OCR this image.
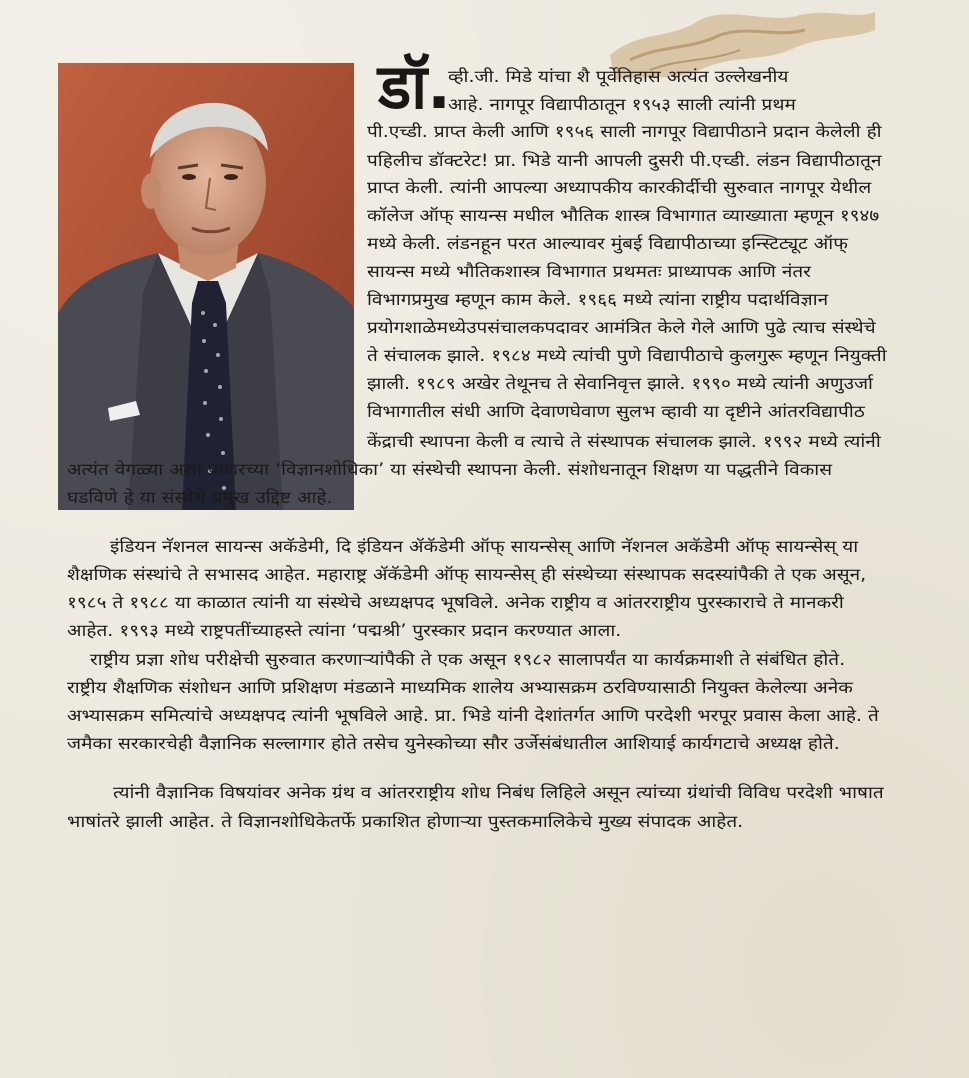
डॉ.
व्ही.जी. मिडे यांचा शै पूर्वेतिहास अत्यंत उल्लेखनीय
आहे. नागपूर विद्यापीठातून १९५३ साली त्यांनी प्रथम
पी.एच्डी. प्राप्त केली आणि १९५६ साली नागपूर विद्यापीठाने प्रदान केलेली ही
पहिलीच डॉक्टरेट! प्रा. भिडे यानी आपली दुसरी पी.एच्डी. लंडन विद्यापीठातून
प्राप्त केली. त्यांनी आपल्या अध्यापकीय कारकीर्दीची सुरुवात नागपूर येथील
कॉलेज ऑफ् सायन्स मधील भौतिक शास्त्र विभागात व्याख्याता म्हणून १९४७
मध्ये केली. लंडनहून परत आल्यावर मुंबई विद्यापीठाच्या इन्स्टिट्यूट ऑफ्
सायन्स मध्ये भौतिकशास्त्र विभागात प्रथमतः प्राध्यापक आणि नंतर
विभागप्रमुख म्हणून काम केले. १९६६ मध्ये त्यांना राष्ट्रीय पदार्थविज्ञान
प्रयोगशाळेमध्येउपसंचालकपदावर आमंत्रित केले गेले आणि पुढे त्याच संस्थेचे
ते संचालक झाले. १९८४ मध्ये त्यांची पुणे विद्यापीठाचे कुलगुरू म्हणून नियुक्ती
झाली. १९८९ अखेर तेथूनच ते सेवानिवृत्त झाले. १९९० मध्ये त्यांनी अणुउर्जा
विभागातील संधी आणि देवाणघेवाण सुलभ व्हावी या दृष्टीने आंतरविद्यापीठ
केंद्राची स्थापना केली व त्याचे ते संस्थापक संचालक झाले. १९९२ मध्ये त्यांनी
अत्यंत वेगळ्या अशा प्रकारच्या ‘विज्ञानशोधिका’ या संस्थेची स्थापना केली. संशोधनातून शिक्षण या पद्धतीने विकास
घडविणे हे या संस्थेचे प्रमुख उद्दिष्ट आहे.
इंडियन नॅशनल सायन्स अकॅडेमी, दि इंडियन ॲकॅडेमी ऑफ् सायन्सेस् आणि नॅशनल अकॅडेमी ऑफ् सायन्सेस् या
शैक्षणिक संस्थांचे ते सभासद आहेत. महाराष्ट्र ॲकॅडेमी ऑफ् सायन्सेस् ही संस्थेच्या संस्थापक सदस्यांपैकी ते एक असून,
१९८५ ते १९८८ या काळात त्यांनी या संस्थेचे अध्यक्षपद भूषविले. अनेक राष्ट्रीय व आंतरराष्ट्रीय पुरस्काराचे ते मानकरी
आहेत. १९९३ मध्ये राष्ट्रपतींच्याहस्ते त्यांना ‘पद्मश्री’ पुरस्कार प्रदान करण्यात आला.
राष्ट्रीय प्रज्ञा शोध परीक्षेची सुरुवात करणाऱ्यांपैकी ते एक असून १९८२ सालापर्यंत या कार्यक्रमाशी ते संबंधित होते.
राष्ट्रीय शैक्षणिक संशोधन आणि प्रशिक्षण मंडळाने माध्यमिक शालेय अभ्यासक्रम ठरविण्यासाठी नियुक्त केलेल्या अनेक
अभ्यासक्रम समित्यांचे अध्यक्षपद त्यांनी भूषविले आहे. प्रा. भिडे यांनी देशांतर्गत आणि परदेशी भरपूर प्रवास केला आहे. ते
जमैका सरकारचेही वैज्ञानिक सल्लागार होते तसेच युनेस्कोच्या सौर उर्जेसंबंधातील आशियाई कार्यगटाचे अध्यक्ष होते.
त्यांनी वैज्ञानिक विषयांवर अनेक ग्रंथ व आंतरराष्ट्रीय शोध निबंध लिहिले असून त्यांच्या ग्रंथांची विविध परदेशी भाषात
भाषांतरे झाली आहेत. ते विज्ञानशोधिकेतर्फे प्रकाशित होणाऱ्या पुस्तकमालिकेचे मुख्य संपादक आहेत.
